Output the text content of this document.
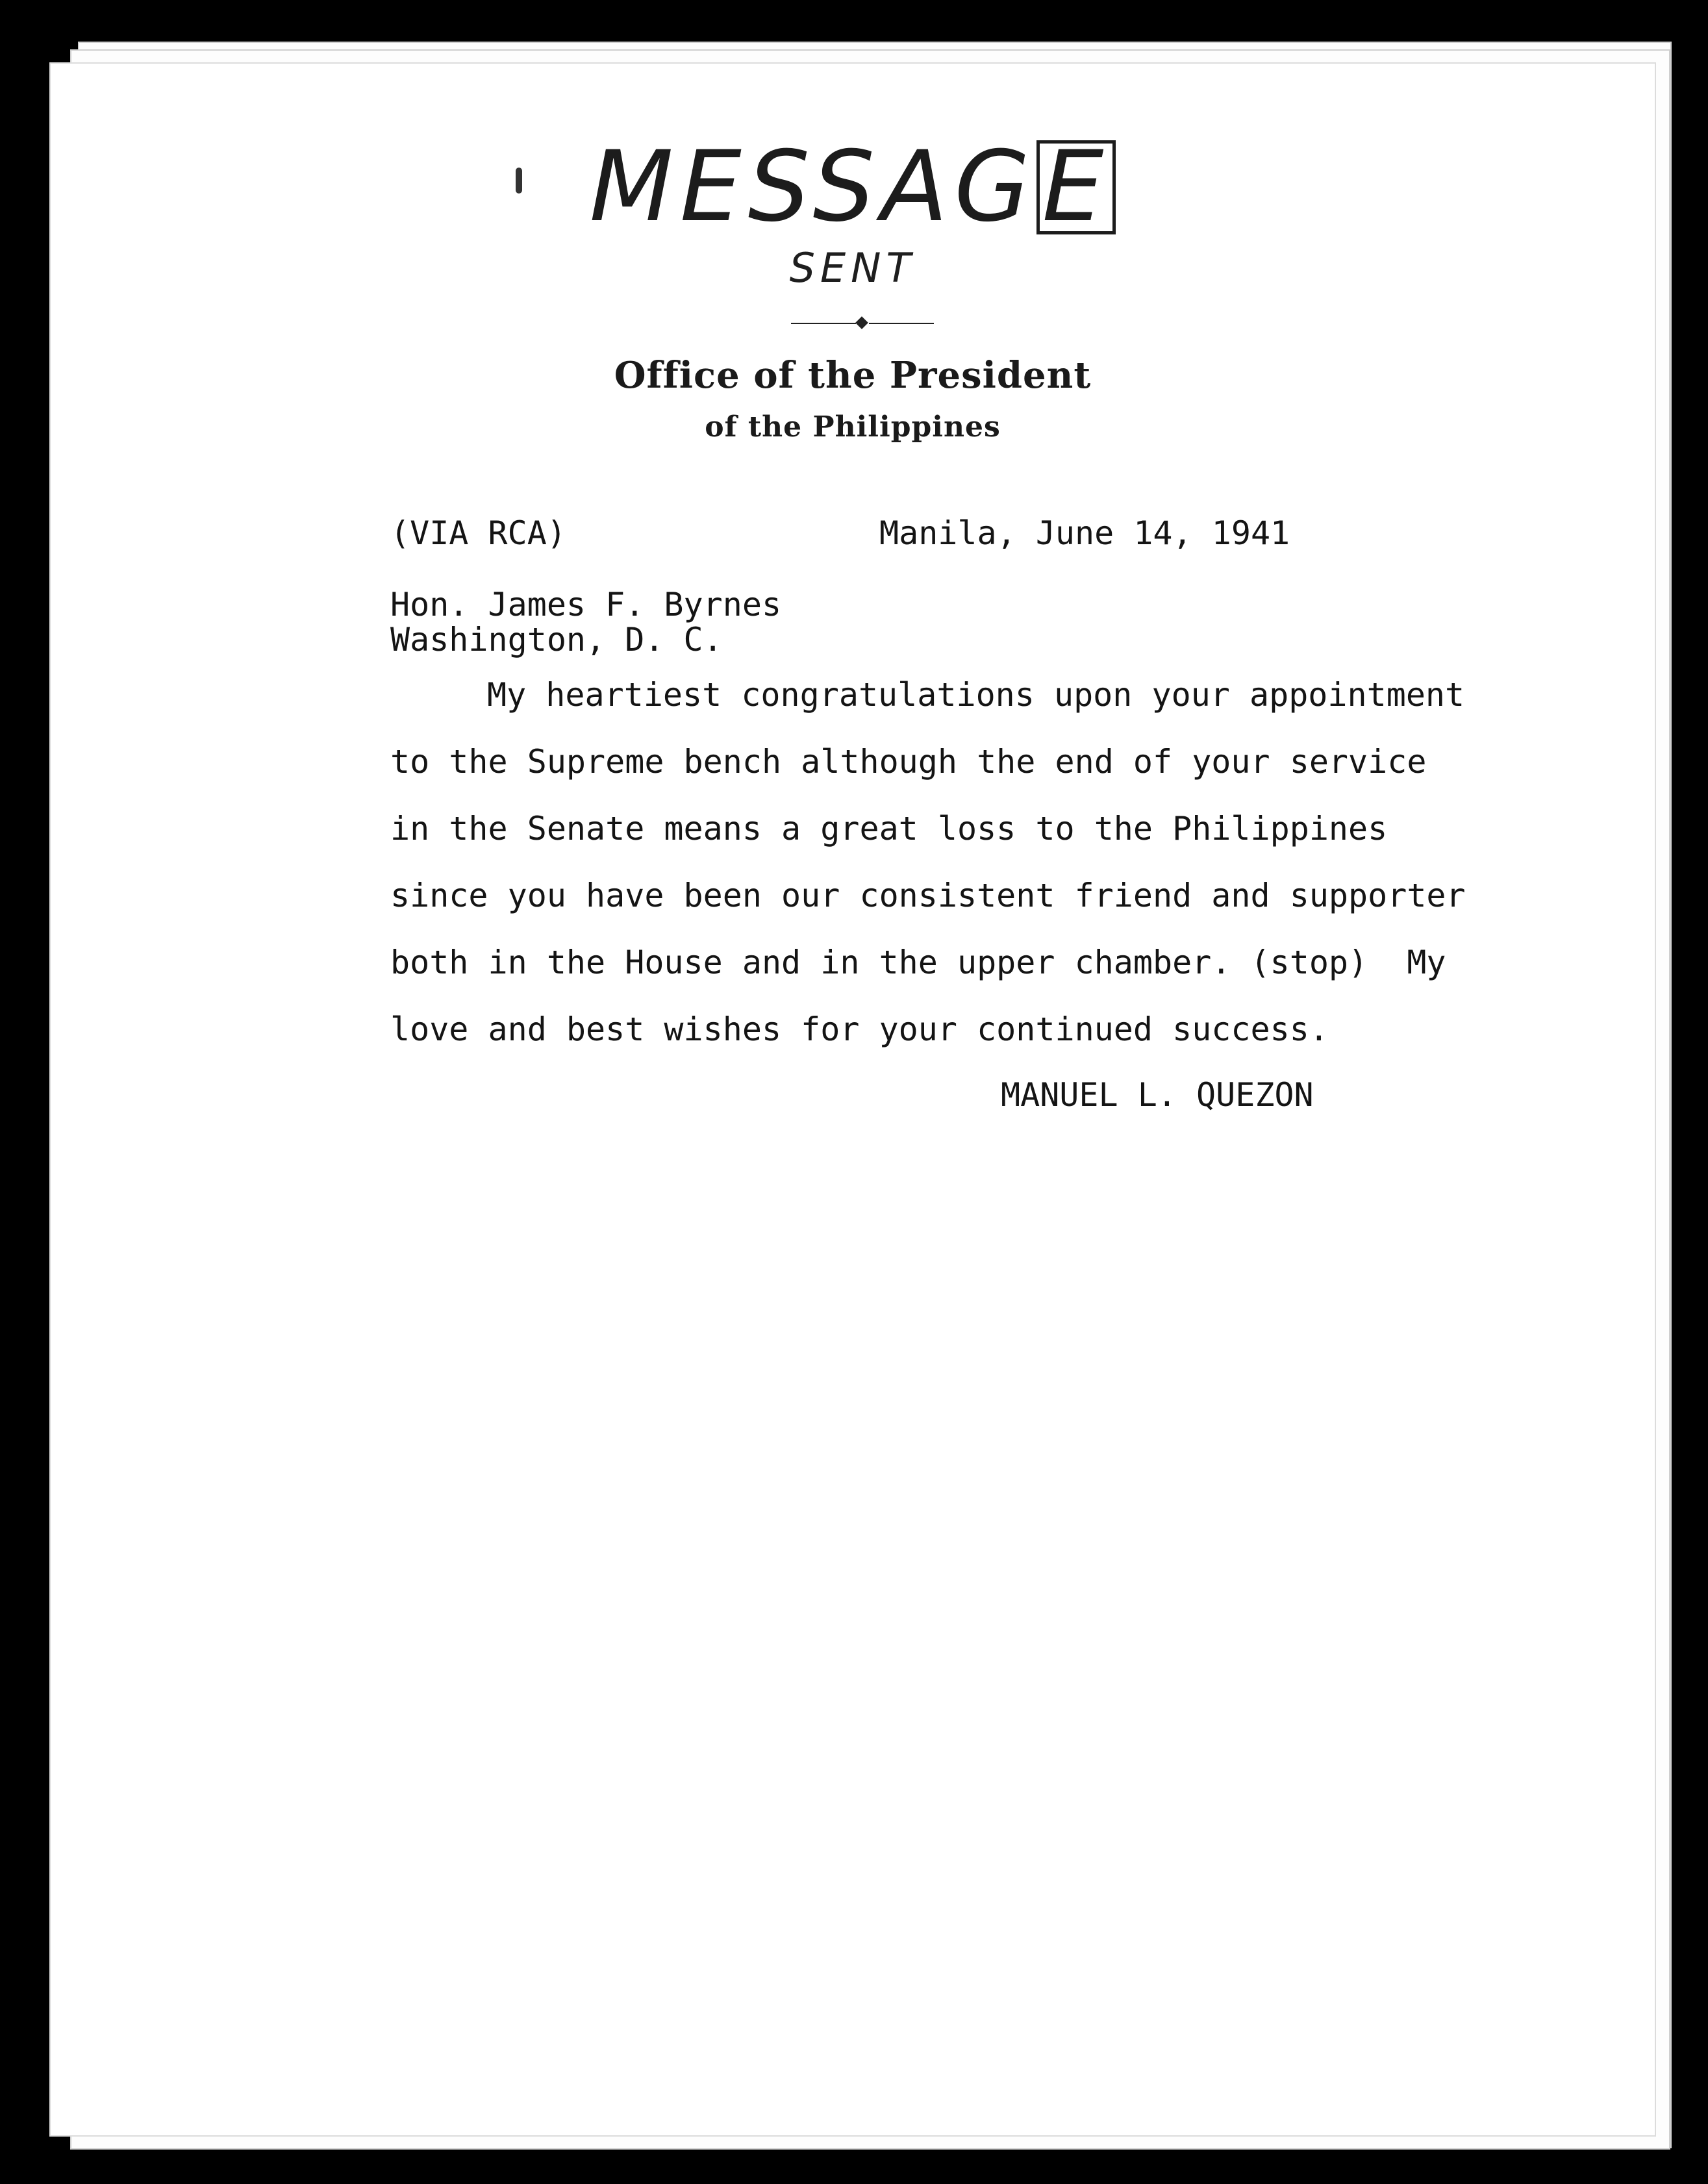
MESSAGE
SENT
Office of the President
of the Philippines
(VIA RCA)	Manila, June 14, 1941
Hon. James F. Byrnes
Washington, D. C.
My heartiest congratulations upon your appointment
to the Supreme bench although the end of your service
in the Senate means a great loss to the Philippines
since you have been our consistent friend and supporter
both in the House and in the upper chamber. (stop)  My
love and best wishes for your continued success.
MANUEL L. QUEZON
